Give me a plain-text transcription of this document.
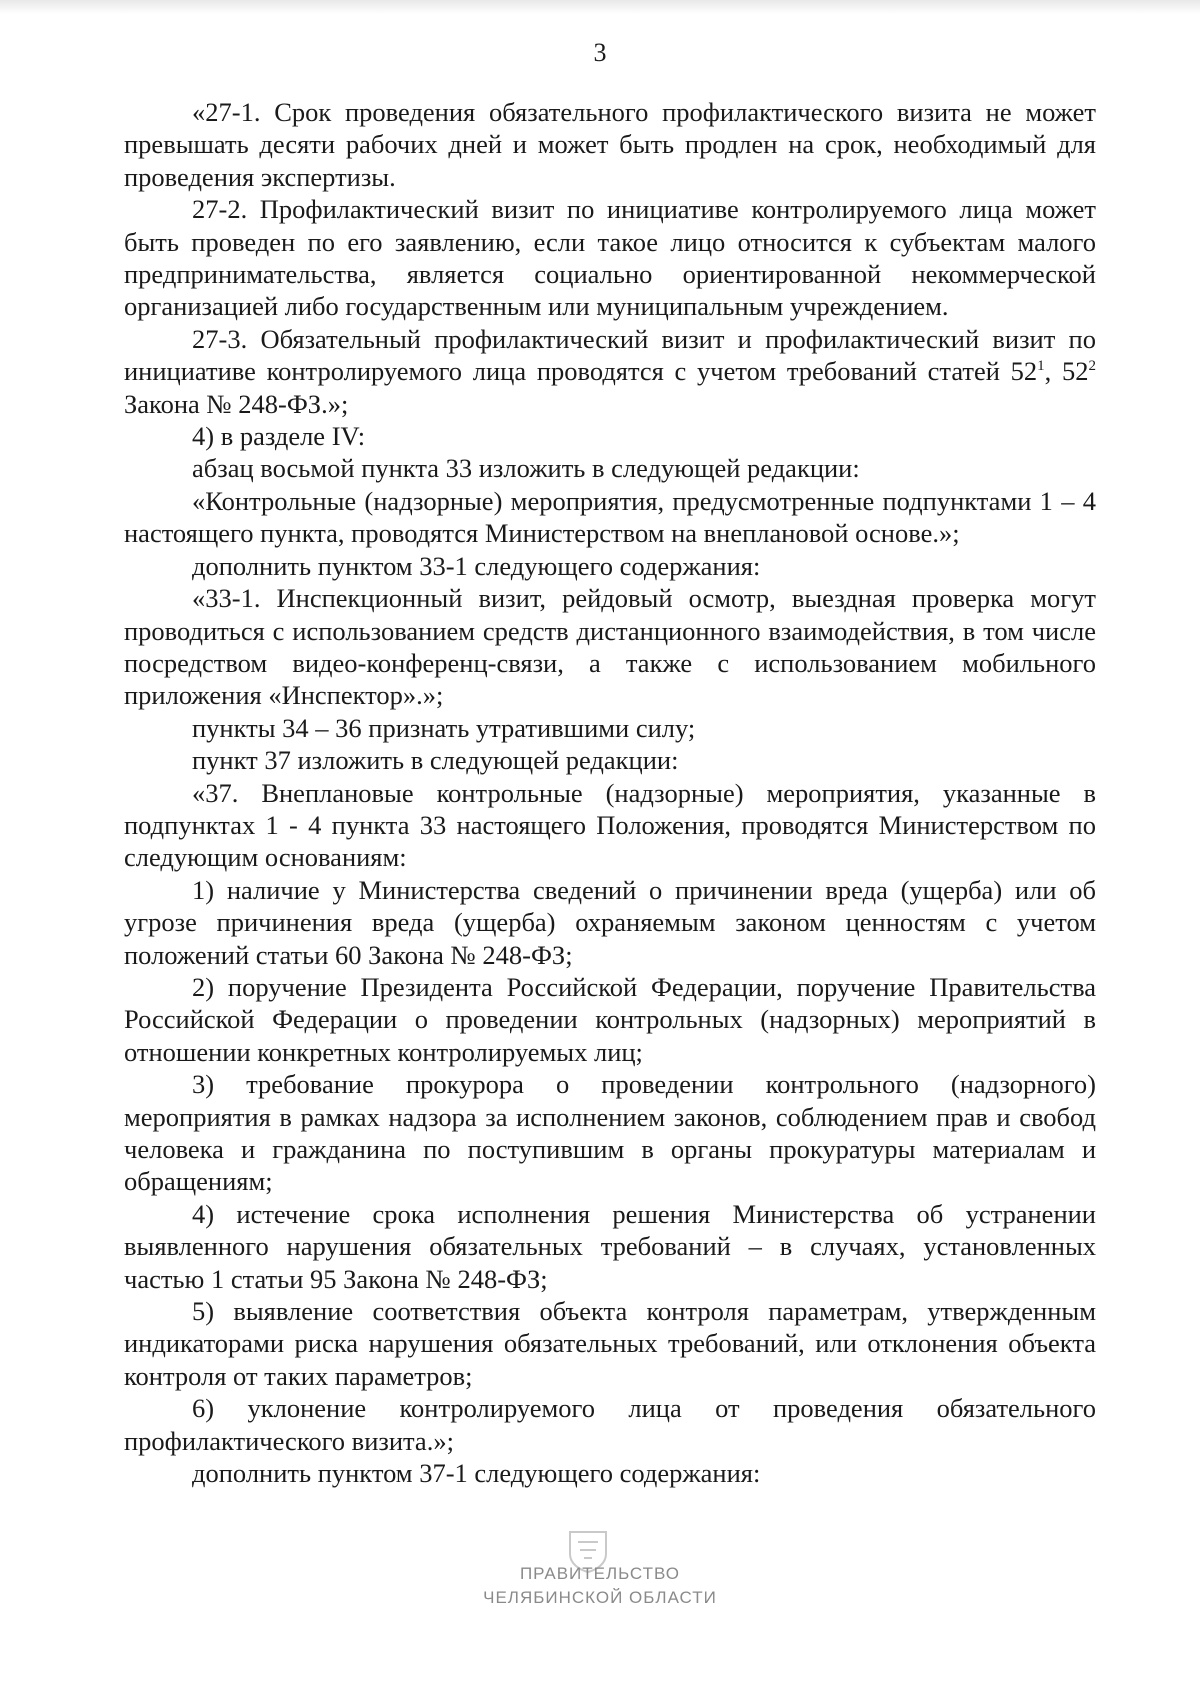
3

«27-1. Срок проведения обязательного профилактического визита не может превышать десяти рабочих дней и может быть продлен на срок, необходимый для проведения экспертизы.

27-2. Профилактический визит по инициативе контролируемого лица может быть проведен по его заявлению, если такое лицо относится к субъектам малого предпринимательства, является социально ориентированной некоммерческой организацией либо государственным или муниципальным учреждением.

27-3. Обязательный профилактический визит и профилактический визит по инициативе контролируемого лица проводятся с учетом требований статей $52^1$, $52^2$ Закона № 248-ФЗ.»;

4) в разделе IV:

абзац восьмой пункта 33 изложить в следующей редакции:

«Контрольные (надзорные) мероприятия, предусмотренные подпунктами 1 – 4 настоящего пункта, проводятся Министерством на внеплановой основе.»;

дополнить пунктом 33-1 следующего содержания:

«33-1. Инспекционный визит, рейдовый осмотр, выездная проверка могут проводиться с использованием средств дистанционного взаимодействия, в том числе посредством видео-конференц-связи, а также с использованием мобильного приложения «Инспектор».»;

пункты 34 – 36 признать утратившими силу;

пункт 37 изложить в следующей редакции:

«37. Внеплановые контрольные (надзорные) мероприятия, указанные в подпунктах 1 - 4 пункта 33 настоящего Положения, проводятся Министерством по следующим основаниям:

1) наличие у Министерства сведений о причинении вреда (ущерба) или об угрозе причинения вреда (ущерба) охраняемым законом ценностям с учетом положений статьи 60 Закона № 248-ФЗ;

2) поручение Президента Российской Федерации, поручение Правительства Российской Федерации о проведении контрольных (надзорных) мероприятий в отношении конкретных контролируемых лиц;

3) требование прокурора о проведении контрольного (надзорного) мероприятия в рамках надзора за исполнением законов, соблюдением прав и свобод человека и гражданина по поступившим в органы прокуратуры материалам и обращениям;

4) истечение срока исполнения решения Министерства об устранении выявленного нарушения обязательных требований – в случаях, установленных частью 1 статьи 95 Закона № 248-ФЗ;

5) выявление соответствия объекта контроля параметрам, утвержденным индикаторами риска нарушения обязательных требований, или отклонения объекта контроля от таких параметров;

6) уклонение контролируемого лица от проведения обязательного профилактического визита.»;

дополнить пунктом 37-1 следующего содержания:

ПРАВИТЕЛЬСТВО
ЧЕЛЯБИНСКОЙ ОБЛАСТИ
